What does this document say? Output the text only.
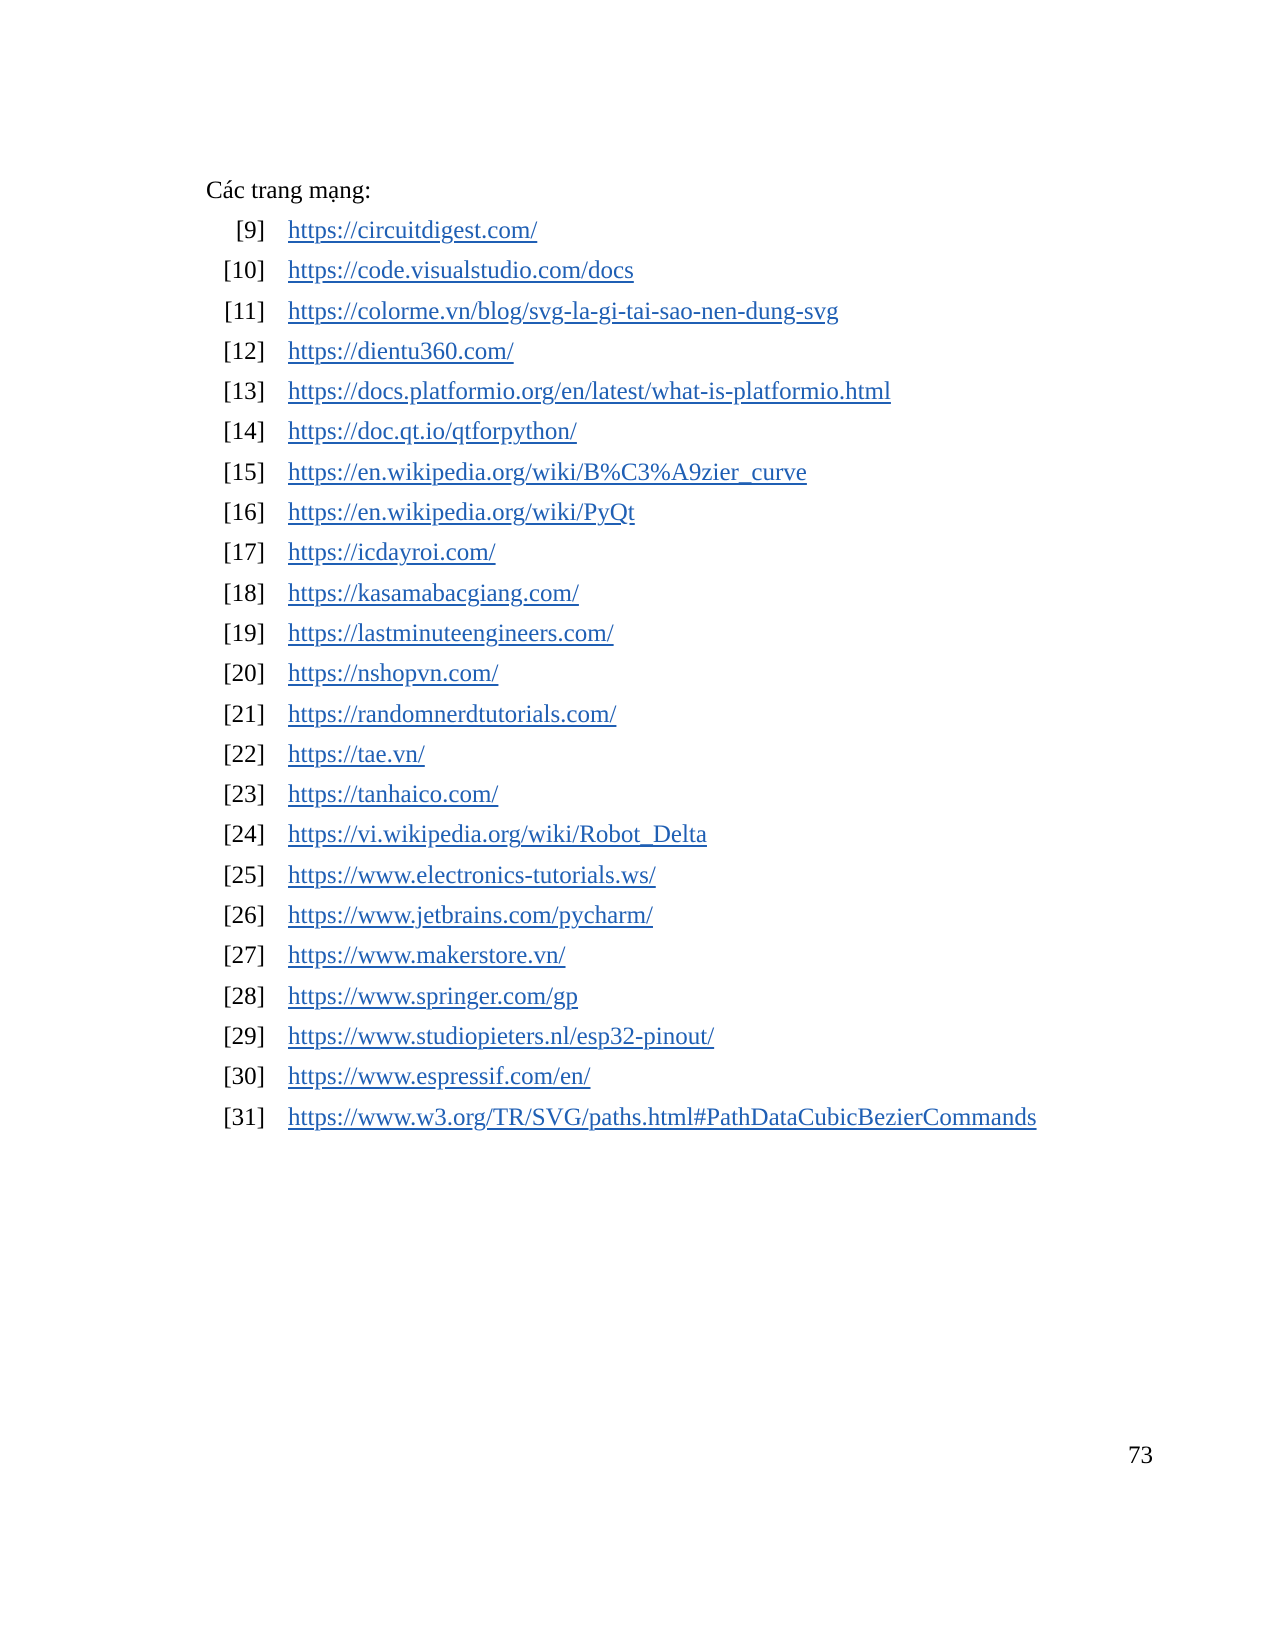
Các trang mạng:
[9] https://circuitdigest.com/
[10] https://code.visualstudio.com/docs
[11] https://colorme.vn/blog/svg-la-gi-tai-sao-nen-dung-svg
[12] https://dientu360.com/
[13] https://docs.platformio.org/en/latest/what-is-platformio.html
[14] https://doc.qt.io/qtforpython/
[15] https://en.wikipedia.org/wiki/B%C3%A9zier_curve
[16] https://en.wikipedia.org/wiki/PyQt
[17] https://icdayroi.com/
[18] https://kasamabacgiang.com/
[19] https://lastminuteengineers.com/
[20] https://nshopvn.com/
[21] https://randomnerdtutorials.com/
[22] https://tae.vn/
[23] https://tanhaico.com/
[24] https://vi.wikipedia.org/wiki/Robot_Delta
[25] https://www.electronics-tutorials.ws/
[26] https://www.jetbrains.com/pycharm/
[27] https://www.makerstore.vn/
[28] https://www.springer.com/gp
[29] https://www.studiopieters.nl/esp32-pinout/
[30] https://www.espressif.com/en/
[31] https://www.w3.org/TR/SVG/paths.html#PathDataCubicBezierCommands
73
